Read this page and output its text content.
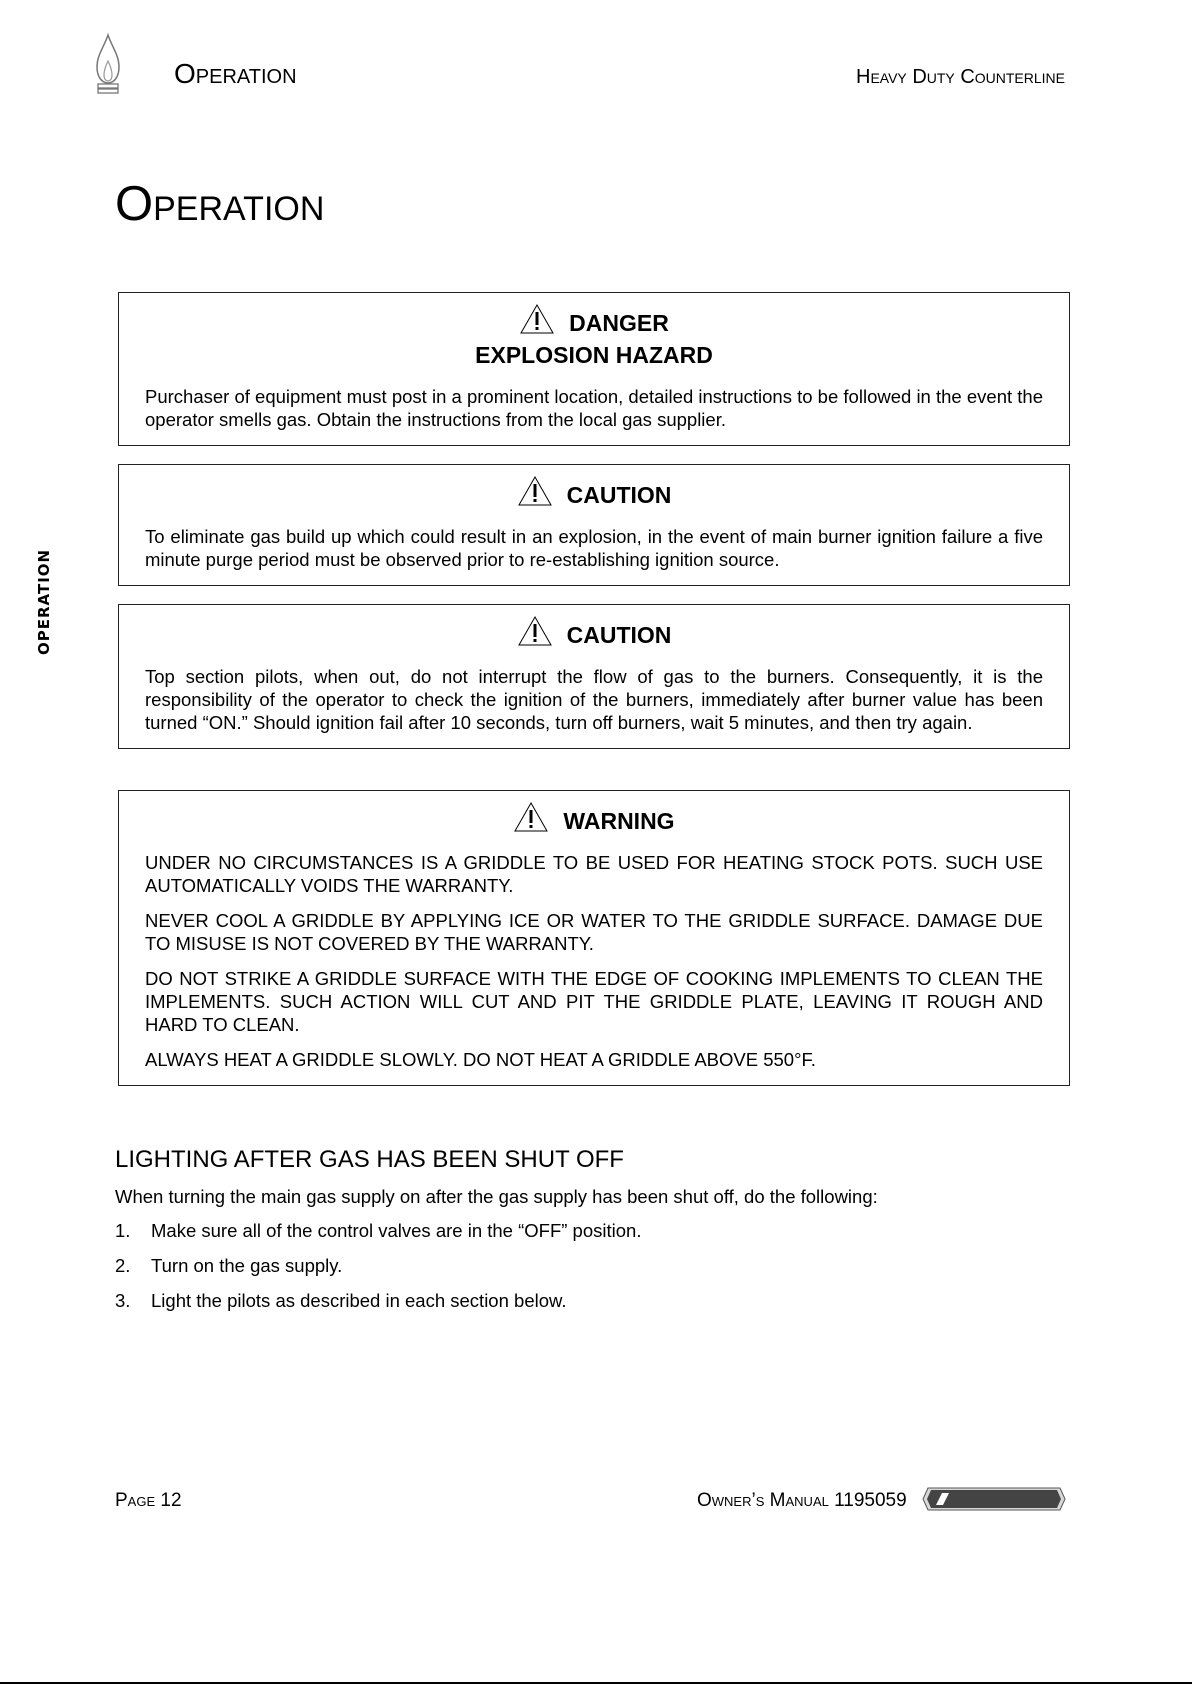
Operation	Heavy Duty Counterline
OPERATION
Operation
DANGER
EXPLOSION HAZARD

Purchaser of equipment must post in a prominent location, detailed instructions to be followed in the event the operator smells gas. Obtain the instructions from the local gas supplier.

CAUTION

To eliminate gas build up which could result in an explosion, in the event of main burner ignition failure a five minute purge period must be observed prior to re-establishing ignition source.

CAUTION

Top section pilots, when out, do not interrupt the flow of gas to the burners. Consequently, it is the responsibility of the operator to check the ignition of the burners, immediately after burner value has been turned “ON.” Should ignition fail after 10 seconds, turn off burners, wait 5 minutes, and then try again.

WARNING

UNDER NO CIRCUMSTANCES IS A GRIDDLE TO BE USED FOR HEATING STOCK POTS. SUCH USE AUTOMATICALLY VOIDS THE WARRANTY.

NEVER COOL A GRIDDLE BY APPLYING ICE OR WATER TO THE GRIDDLE SURFACE. DAMAGE DUE TO MISUSE IS NOT COVERED BY THE WARRANTY.

DO NOT STRIKE A GRIDDLE SURFACE WITH THE EDGE OF COOKING IMPLEMENTS TO CLEAN THE IMPLEMENTS. SUCH ACTION WILL CUT AND PIT THE GRIDDLE PLATE, LEAVING IT ROUGH AND HARD TO CLEAN.

ALWAYS HEAT A GRIDDLE SLOWLY. DO NOT HEAT A GRIDDLE ABOVE 550°F.

LIGHTING AFTER GAS HAS BEEN SHUT OFF
When turning the main gas supply on after the gas supply has been shut off, do the following:
1. Make sure all of the control valves are in the “OFF” position.
2. Turn on the gas supply.
3. Light the pilots as described in each section below.
Page 12	Owner’s Manual 1195059
